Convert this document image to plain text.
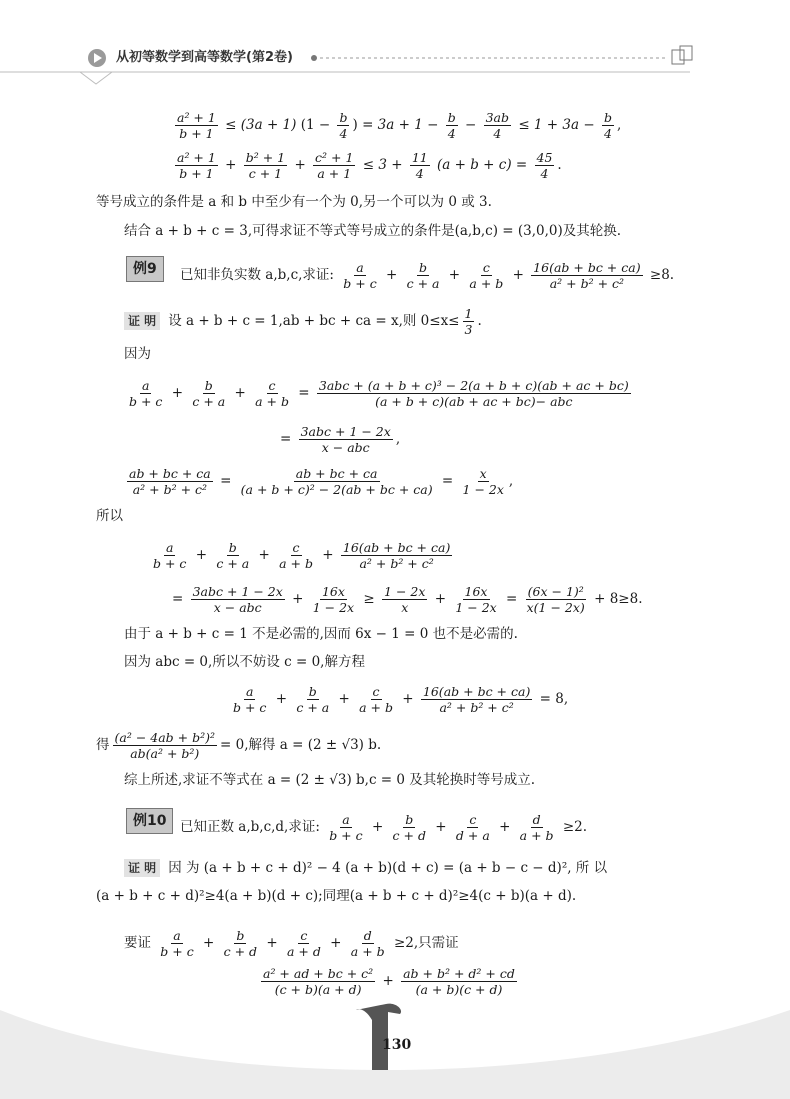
从初等数学到高等数学(第2卷)
$\frac{\text{a² + 1}}{b + 1} \le (3a + 1) (1 - \frac{b}{4}$ ) = $3a + 1 - \frac{b}{4} - \frac{3ab}{4} \le 1 + 3a - \frac{b}{4}$ ,
$\frac{\text{a² + 1}}{b + 1} + \frac{\text{b² + 1}}{c + 1} + \frac{\text{c² + 1}}{a + 1} \le 3 + \frac{11}{4} (a + b + c) = \frac{45}{4}$ .
等号成立的条件是 a 和 b 中至少有一个为 0,另一个可以为 0 或 3.
结合 a + b + c = 3,可得求证不等式等号成立的条件是(a,b,c) = (3,0,0)及其轮换.
例9	已知非负实数 a,b,c,求证: $\frac{a}{b + c} + \frac{b}{c + a} + \frac{c}{a + b} + \frac{16(ab + bc + ca)}{\text{a² + b² + c²}} \ge 8$.
证 明 设 a + b + c = 1,ab + bc + ca = x,则 $0\le x\le \frac{1}{3}$ .
因为
$\frac{a}{b + c} + \frac{b}{c + a} + \frac{c}{a + b} = \frac{\text{3abc + (a + b + c)³ − 2(a + b + c)(ab + ac + bc)}}{\text{(a + b + c)(ab + ac + bc)− abc}}$
= $\frac{\text{3abc + 1 − 2x}}{\text{x − abc}}$ ,
$\frac{ab + bc + ca}{\text{a² + b² + c²}} = \frac{ab + bc + ca}{\text{(a + b + c)² − 2(ab + bc + ca)}} = \frac{x}{1 - 2x}$ ,
所以
$\frac{a}{b + c} + \frac{b}{c + a} + \frac{c}{a + b} + \frac{16(ab + bc + ca)}{\text{a² + b² + c²}}$
= $\frac{\text{3abc + 1 − 2x}}{\text{x − abc}} + \frac{16x}{1 - 2x} \ge \frac{1 - 2x}{x} + \frac{16x}{1 - 2x} = \frac{\text{(6x − 1)²}}{x(1 - 2x)} + 8\ge 8$.
由于 a + b + c = 1 不是必需的,因而 6x − 1 = 0 也不是必需的.
因为 abc = 0,所以不妨设 c = 0,解方程
$\frac{a}{b + c} + \frac{b}{c + a} + \frac{c}{a + b} + \frac{16(ab + bc + ca)}{\text{a² + b² + c²}} = 8$,
得 $\frac{\text{(a² − 4ab + b²)²}}{\text{ab(a² + b²)}} = 0$,解得 a = (2 ± √3) b.
综上所述,求证不等式在 a = (2 ± √3) b,c = 0 及其轮换时等号成立.
例10	已知正数 a,b,c,d,求证: $\frac{a}{b + c} + \frac{b}{c + d} + \frac{c}{d + a} + \frac{d}{a + b} \ge 2$.
证 明 因 为 (a + b + c + d)² − 4 (a + b)(d + c) = (a + b − c − d)², 所 以
(a + b + c + d)²≥4(a + b)(d + c);同理(a + b + c + d)²≥4(c + b)(a + d).
要证 $\frac{a}{b + c} + \frac{b}{c + d} + \frac{c}{a + d} + \frac{d}{a + b} \ge 2$,只需证
$\frac{\text{a² + ad + bc + c²}}{(c + b)(a + d)} + \frac{\text{ab + b² + d² + cd}}{(a + b)(c + d)}$
130
